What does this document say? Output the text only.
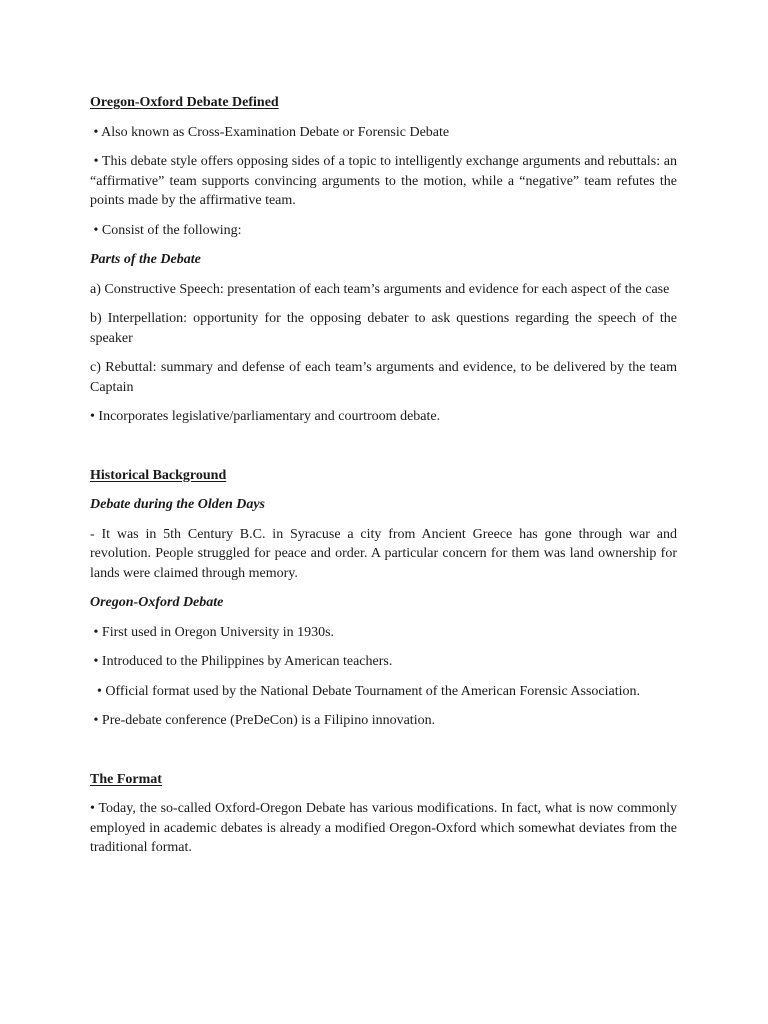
Oregon-Oxford Debate Defined

• Also known as Cross-Examination Debate or Forensic Debate

• This debate style offers opposing sides of a topic to intelligently exchange arguments and rebuttals: an “affirmative” team supports convincing arguments to the motion, while a “negative” team refutes the points made by the affirmative team.

• Consist of the following:

Parts of the Debate

a) Constructive Speech: presentation of each team’s arguments and evidence for each aspect of the case

b) Interpellation: opportunity for the opposing debater to ask questions regarding the speech of the speaker

c) Rebuttal: summary and defense of each team’s arguments and evidence, to be delivered by the team Captain

• Incorporates legislative/parliamentary and courtroom debate.

Historical Background
Debate during the Olden Days

- It was in 5th Century B.C. in Syracuse a city from Ancient Greece has gone through war and revolution. People struggled for peace and order. A particular concern for them was land ownership for lands were claimed through memory.

Oregon-Oxford Debate

• First used in Oregon University in 1930s.

• Introduced to the Philippines by American teachers.

• Official format used by the National Debate Tournament of the American Forensic Association.

• Pre-debate conference (PreDeCon) is a Filipino innovation.

The Format

• Today, the so-called Oxford-Oregon Debate has various modifications. In fact, what is now commonly employed in academic debates is already a modified Oregon-Oxford which somewhat deviates from the traditional format.
